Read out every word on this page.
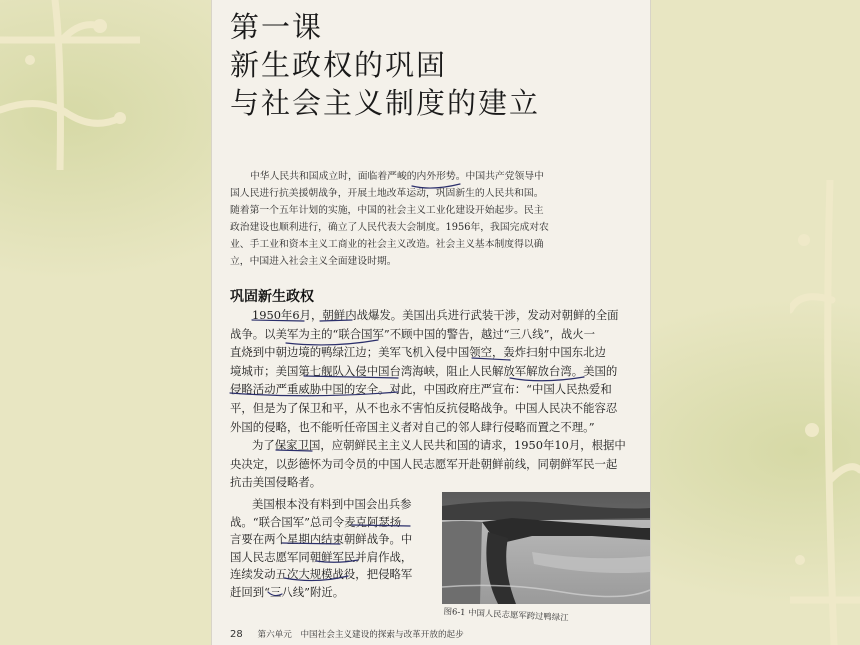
第一课
新生政权的巩固
与社会主义制度的建立

中华人民共和国成立时，面临着严峻的内外形势。中国共产党领导中国人民进行抗美援朝战争，开展土地改革运动，巩固新生的人民共和国。随着第一个五年计划的实施，中国的社会主义工业化建设开始起步。民主政治建设也顺利进行，确立了人民代表大会制度。1956年，我国完成对农业、手工业和资本主义工商业的社会主义改造。社会主义基本制度得以确立，中国进入社会主义全面建设时期。

巩固新生政权
1950年6月，朝鲜内战爆发。美国出兵进行武装干涉，发动对朝鲜的全面
战争。以美军为主的“联合国军”不顾中国的警告，越过“三八线”，战火一
直烧到中朝边境的鸭绿江边；美军飞机入侵中国领空，轰炸扫射中国东北边
境城市；美国第七舰队入侵中国台湾海峡，阻止人民解放军解放台湾。美国的
侵略活动严重威胁中国的安全。对此，中国政府庄严宣布：“中国人民热爱和
平，但是为了保卫和平，从不也永不害怕反抗侵略战争。中国人民决不能容忍
外国的侵略，也不能听任帝国主义者对自己的邻人肆行侵略而置之不理。”
为了保家卫国，应朝鲜民主主义人民共和国的请求，1950年10月，根据中
央决定，以彭德怀为司令员的中国人民志愿军开赴朝鲜前线，同朝鲜军民一起
抗击美国侵略者。
美国根本没有料到中国会出兵参
战。“联合国军”总司令麦克阿瑟扬
言要在两个星期内结束朝鲜战争。中
国人民志愿军同朝鲜军民并肩作战，
连续发动五次大规模战役，把侵略军
赶回到“三八线”附近。
图6-1 中国人民志愿军跨过鸭绿江
28 第六单元　中国社会主义建设的探索与改革开放的起步
